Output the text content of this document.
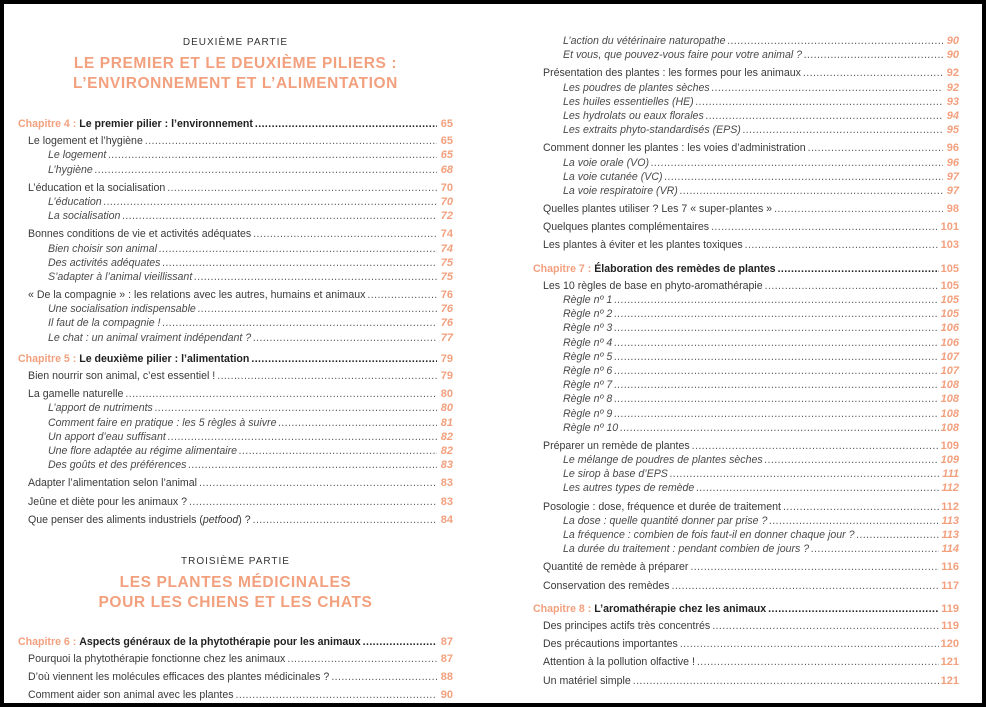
DEUXIÈME PARTIE
LE PREMIER ET LE DEUXIÈME PILIERS :
L’ENVIRONNEMENT ET L’ALIMENTATION
Chapitre 4 : Le premier pilier : l’environnement .....	65
Le logement et l’hygiène .....	65
Le logement .....	65
L’hygiène .....	68
L’éducation et la socialisation .....	70
L’éducation .....	70
La socialisation .....	72
Bonnes conditions de vie et activités adéquates .....	74
Bien choisir son animal .....	74
Des activités adéquates .....	75
S’adapter à l’animal vieillissant .....	75
« De la compagnie » : les relations avec les autres, humains et animaux .....	76
Une socialisation indispensable .....	76
Il faut de la compagnie ! .....	76
Le chat : un animal vraiment indépendant ? .....	77
Chapitre 5 : Le deuxième pilier : l’alimentation .....	79
Bien nourrir son animal, c’est essentiel ! .....	79
La gamelle naturelle .....	80
L’apport de nutriments .....	80
Comment faire en pratique : les 5 règles à suivre .....	81
Un apport d’eau suffisant .....	82
Une flore adaptée au régime alimentaire .....	82
Des goûts et des préférences .....	83
Adapter l’alimentation selon l’animal .....	83
Jeûne et diète pour les animaux ? .....	83
Que penser des aliments industriels (petfood) ? .....	84
TROISIÈME PARTIE
LES PLANTES MÉDICINALES
POUR LES CHIENS ET LES CHATS
Chapitre 6 : Aspects généraux de la phytothérapie pour les animaux .....	87
Pourquoi la phytothérapie fonctionne chez les animaux .....	87
D’où viennent les molécules efficaces des plantes médicinales ? .....	88
Comment aider son animal avec les plantes .....	90
L’action du vétérinaire naturopathe .....	90
Et vous, que pouvez-vous faire pour votre animal ? .....	90
Présentation des plantes : les formes pour les animaux .....	92
Les poudres de plantes sèches .....	92
Les huiles essentielles (HE) .....	93
Les hydrolats ou eaux florales .....	94
Les extraits phyto-standardisés (EPS) .....	95
Comment donner les plantes : les voies d’administration .....	96
La voie orale (VO) .....	96
La voie cutanée (VC) .....	97
La voie respiratoire (VR) .....	97
Quelles plantes utiliser ? Les 7 « super-plantes » .....	98
Quelques plantes complémentaires .....	101
Les plantes à éviter et les plantes toxiques .....	103
Chapitre 7 : Élaboration des remèdes de plantes .....	105
Les 10 règles de base en phyto-aromathérapie .....	105
Règle nº 1 .....	105
Règle nº 2 .....	105
Règle nº 3 .....	106
Règle nº 4 .....	106
Règle nº 5 .....	107
Règle nº 6 .....	107
Règle nº 7 .....	108
Règle nº 8 .....	108
Règle nº 9 .....	108
Règle nº 10 .....	108
Préparer un remède de plantes .....	109
Le mélange de poudres de plantes sèches .....	109
Le sirop à base d’EPS .....	111
Les autres types de remède .....	112
Posologie : dose, fréquence et durée de traitement .....	112
La dose : quelle quantité donner par prise ? .....	113
La fréquence : combien de fois faut-il en donner chaque jour ? .....	113
La durée du traitement : pendant combien de jours ? .....	114
Quantité de remède à préparer .....	116
Conservation des remèdes .....	117
Chapitre 8 : L’aromathérapie chez les animaux .....	119
Des principes actifs très concentrés .....	119
Des précautions importantes .....	120
Attention à la pollution olfactive ! .....	121
Un matériel simple .....	121
